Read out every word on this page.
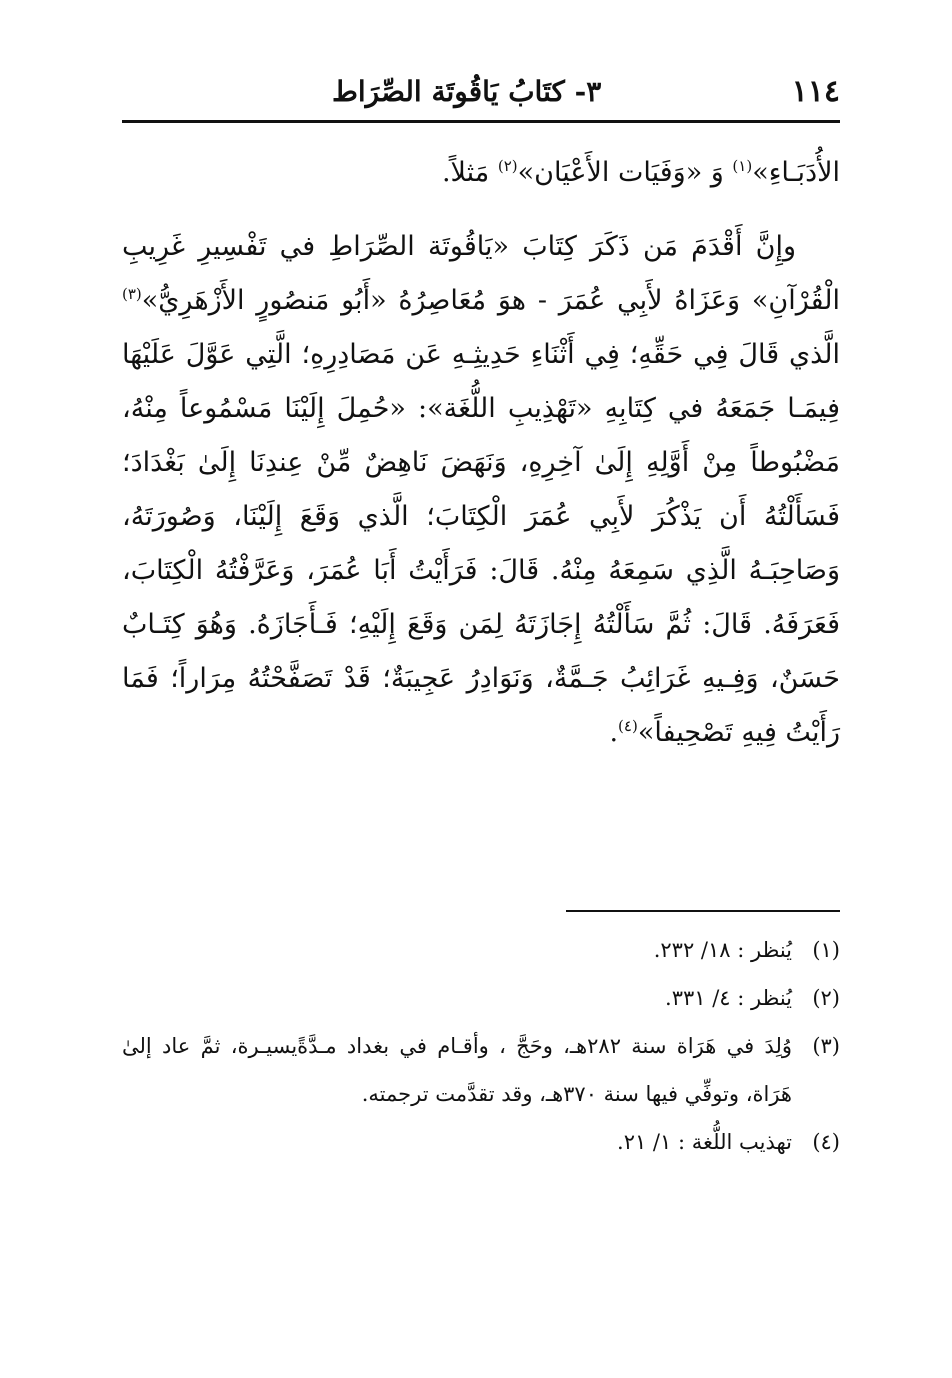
١١٤
٣- كتَابُ يَاقُوتَة الصِّرَاط

الأُدَبَـاءِ»$^{(١)}$ وَ «وَفَيَات الأَعْيَان»$^{(٢)}$ مَثلاً.

وإِنَّ أَقْدَمَ مَن ذَكَرَ كِتَابَ «يَاقُوتَة الصِّرَاطِ في تَفْسِيرِ غَرِيبِ الْقُرْآنِ» وَعَزَاهُ لأَبِي عُمَرَ - هوَ مُعَاصِرُهُ «أَبُو مَنصُورٍ الأَزْهَرِيُّ»$^{(٣)}$ الَّذي قَالَ فِي حَقِّهِ؛ فِي أَثْنَاءِ حَدِيثِـهِ عَن مَصَادِرِهِ؛ الَّتِي عَوَّلَ عَلَيْهَا فِيمَـا جَمَعَهُ في كِتَابِهِ «تَهْذِيبِ اللُّغَة»: «حُمِلَ إِلَيْنَا مَسْمُوعاً مِنْهُ، مَضْبُوطاً مِنْ أَوَّلِهِ إِلَىٰ آخِرِهِ، وَنَهَضَ نَاهِضٌ مِّنْ عِندِنَا إِلَىٰ بَغْدَادَ؛ فَسَأَلْتُهُ أَن يَذْكُرَ لأَبِي عُمَرَ الْكِتَابَ؛ الَّذي وَقَعَ إِلَيْنَا، وَصُورَتَهُ، وَصَاحِبَـهُ الَّذِي سَمِعَهُ مِنْهُ. قَالَ: فَرَأَيْتُ أَبَا عُمَرَ، وَعَرَّفْتُهُ الْكِتَابَ، فَعَرَفَهُ. قَالَ: ثُمَّ سَأَلْتُهُ إِجَازَتَهُ لِمَن وَقَعَ إِلَيْهِ؛ فَـأَجَازَهُ. وَهُوَ كِتَـابٌ حَسَنٌ، وَفِـيهِ غَرَائِبُ جَـمَّةٌ، وَنَوَادِرُ عَجِيبَةٌ؛ قَدْ تَصَفَّحْتُهُ مِرَاراً؛ فَمَا رَأَيْتُ فِيهِ تَصْحِيفاً»$^{(٤)}$.

(١)
يُنظر : ١٨/ ٢٣٢.
(٢)
يُنظر : ٤/ ٣٣١.
(٣)
وُلِدَ في هَرَاة سنة ٢٨٢هـ، وحَجَّ ، وأقـام في بغداد مـدَّةًيسيـرة، ثمَّ عاد إلىٰ هَرَاة، وتوفِّي فيها سنة ٣٧٠هـ، وقد تقدَّمت ترجمته.
(٤)
تهذيب اللُّغة : ١/ ٢١.
